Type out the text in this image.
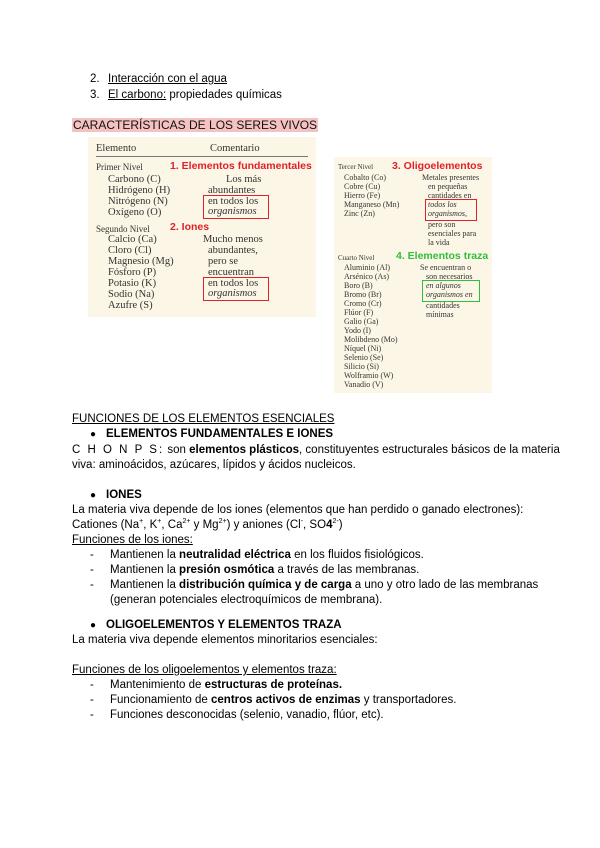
2. Interacción con el agua
3. El carbono: propiedades químicas
CARACTERÍSTICAS DE LOS SERES VIVOS
Elemento	Comentario
Primer Nivel	1. Elementos fundamentales
Carbono (C)
Hidrógeno (H)
Nitrógeno (N)
Oxígeno (O)
Los más
abundantes
en todos los
organismos
Segundo Nivel 2. Iones
Calcio (Ca)
Cloro (Cl)
Magnesio (Mg)
Fósforo (P)
Potasio (K)
Sodio (Na)
Azufre (S)
Mucho menos
abundantes,
pero se
encuentran
en todos los
organismos
Tercer Nivel 3. Oligoelementos
Cobalto (Co)
Cobre (Cu)
Hierro (Fe)
Manganeso (Mn)
Zinc (Zn)
Metales presentes
en pequeñas
cantidades en
todos los
organismos,
pero son
esenciales para
la vida
Cuarto Nivel 4. Elementos traza
Aluminio (Al)
Arsénico (As)
Boro (B)
Bromo (Br)
Cromo (Cr)
Flúor (F)
Galio (Ga)
Yodo (I)
Molibdeno (Mo)
Níquel (Ni)
Selenio (Se)
Silicio (Si)
Wolframio (W)
Vanadio (V)
Se encuentran o
son necesarios
en algunos
organismos en
cantidades
mínimas
FUNCIONES DE LOS ELEMENTOS ESENCIALES
● ELEMENTOS FUNDAMENTALES E IONES
C H O N P S: son elementos plásticos, constituyentes estructurales básicos de la materia
viva: aminoácidos, azúcares, lípidos y ácidos nucleicos.
● IONES
La materia viva depende de los iones (elementos que han perdido o ganado electrones):
Cationes (Na+, K+, $Ca^{2+}$ y $Mg^{2+}$) y aniones (Cl-, $SO4^{2-}$)
Funciones de los iones:
- Mantienen la neutralidad eléctrica en los fluidos fisiológicos.
- Mantienen la presión osmótica a través de las membranas.
- Mantienen la distribución química y de carga a uno y otro lado de las membranas
(generan potenciales electroquímicos de membrana).
● OLIGOELEMENTOS Y ELEMENTOS TRAZA
La materia viva depende elementos minoritarios esenciales:
Funciones de los oligoelementos y elementos traza:
- Mantenimiento de estructuras de proteínas.
- Funcionamiento de centros activos de enzimas y transportadores.
- Funciones desconocidas (selenio, vanadio, flúor, etc).
